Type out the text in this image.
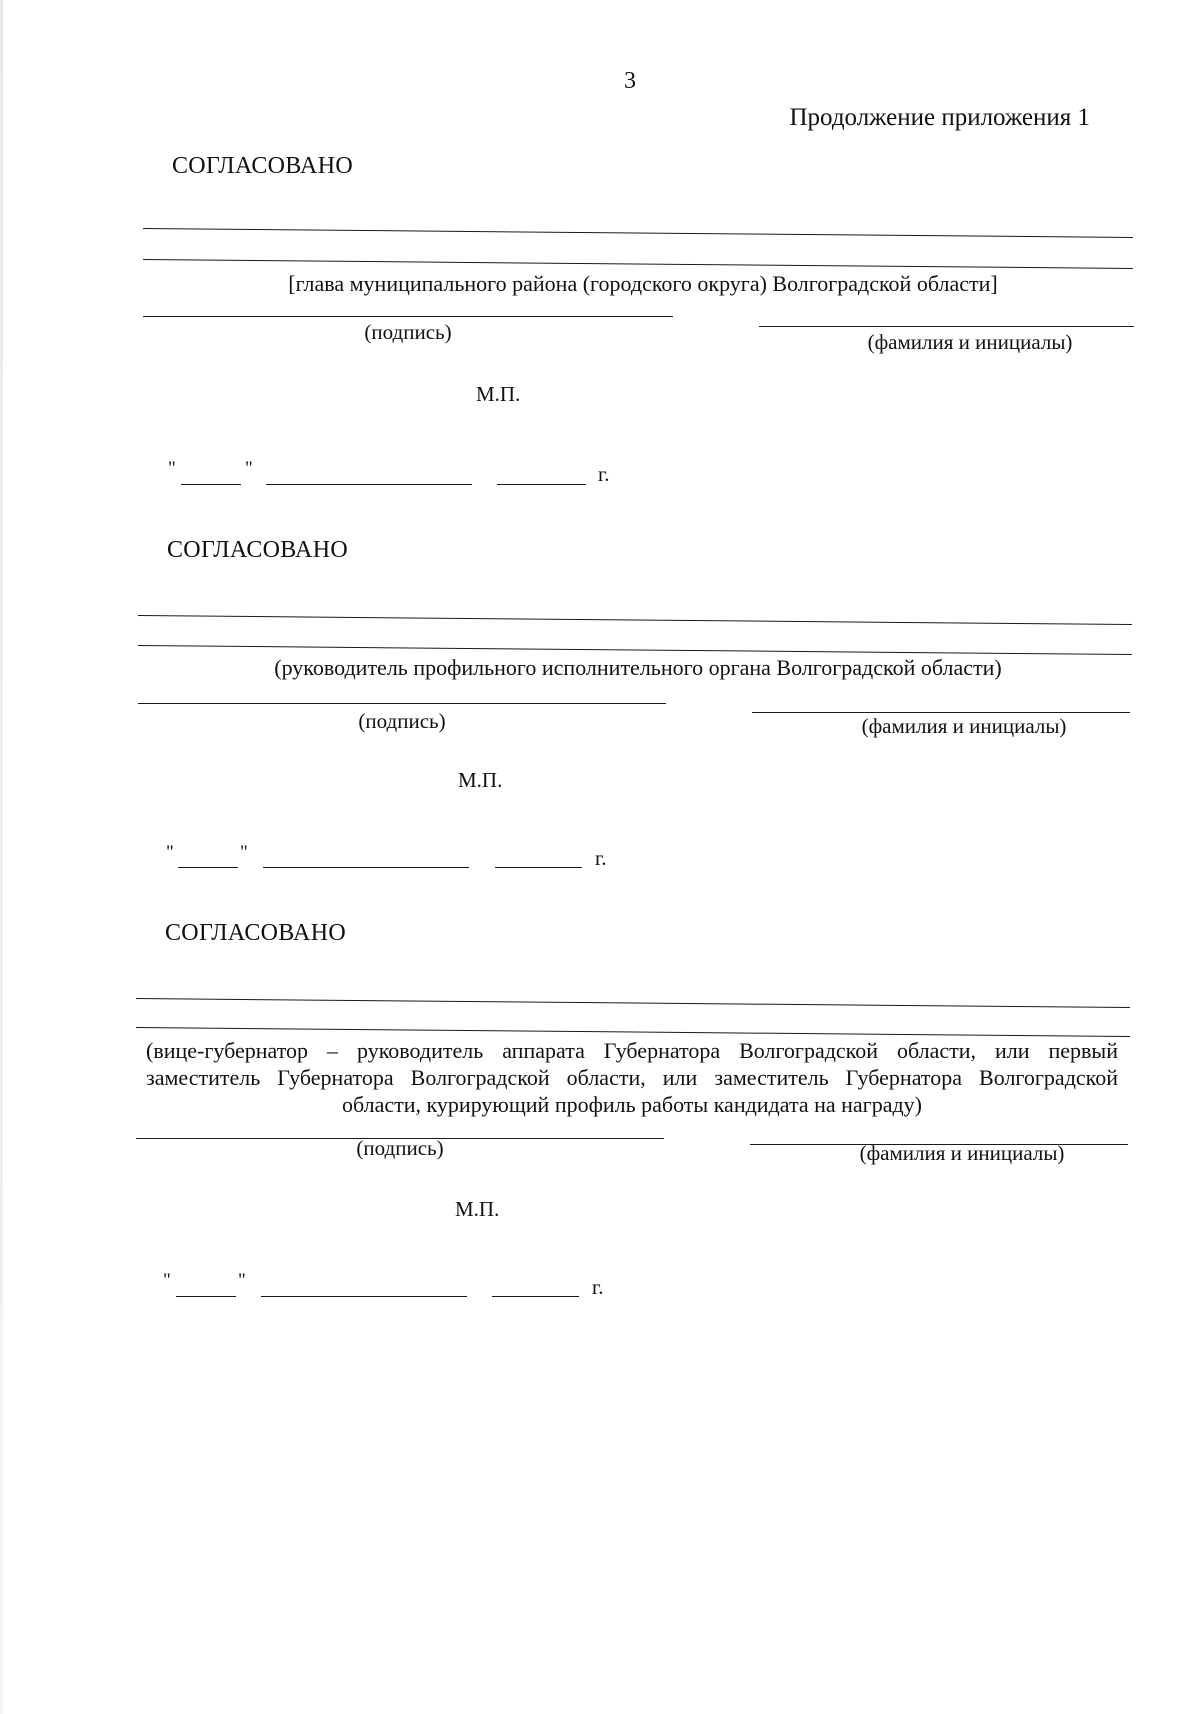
3
Продолжение приложения 1
СОГЛАСОВАНО
[глава муниципального района (городского округа) Волгоградской области]
(подпись)	(фамилия и инициалы)
М.П.
"	"	г.
СОГЛАСОВАНО
(руководитель профильного исполнительного органа Волгоградской области)
(подпись)	(фамилия и инициалы)
М.П.
"	"	г.
СОГЛАСОВАНО
(вице-губернатор – руководитель аппарата Губернатора Волгоградской области, или первый
заместитель Губернатора Волгоградской области, или заместитель Губернатора Волгоградской
области, курирующий профиль работы кандидата на награду)
(подпись)	(фамилия и инициалы)
М.П.
"	"	г.
